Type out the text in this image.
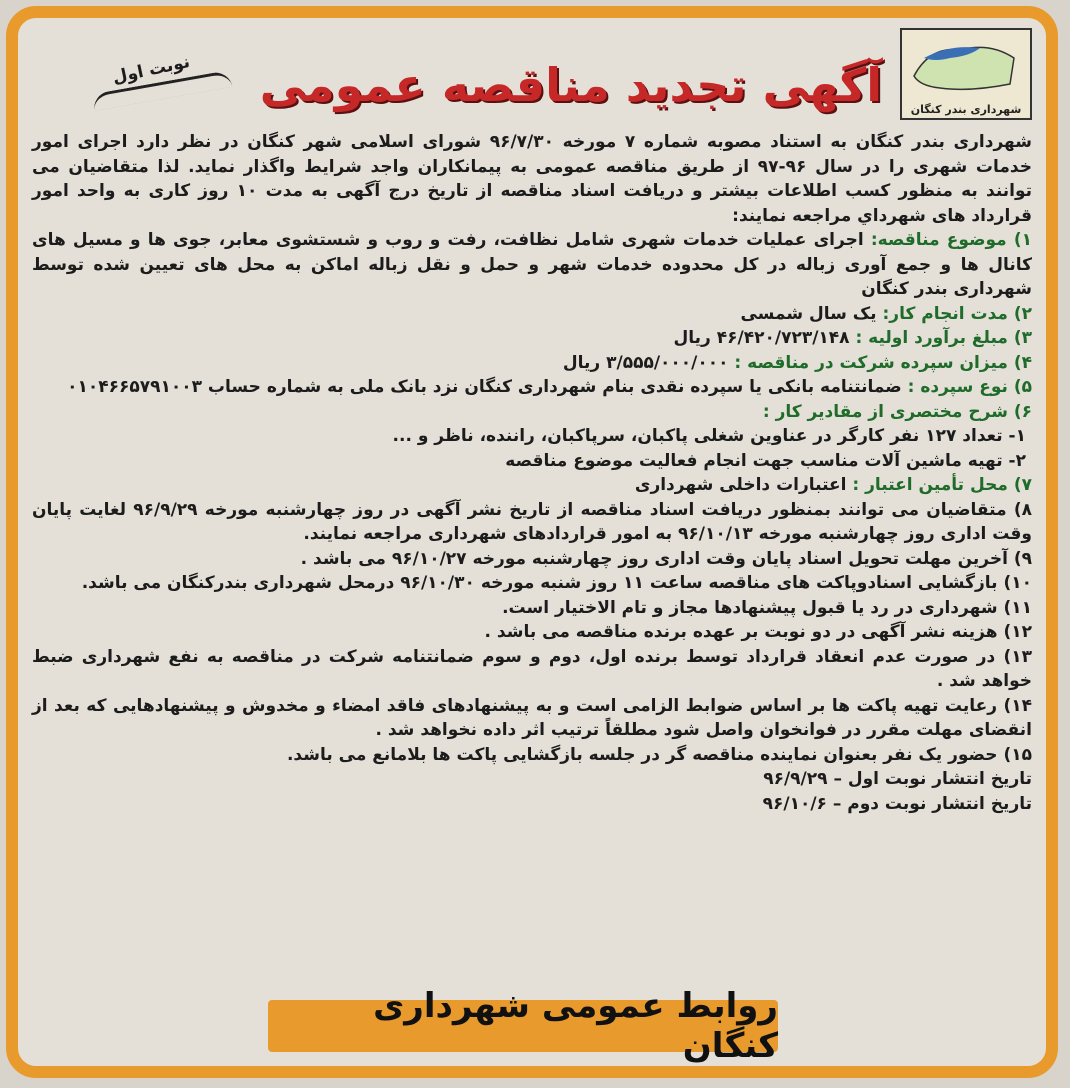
شهرداری بندر کنگان
آگهی تجدید مناقصه عمومی
نوبت اول

شهرداری بندر کنگان به استناد مصوبه شماره ۷ مورخه ۹۶/۷/۳۰ شورای اسلامی شهر کنگان در نظر دارد اجرای امور خدمات شهری را در سال ۹۶-۹۷ از طریق مناقصه عمومی به پیمانکاران واجد شرایط واگذار نماید. لذا متقاضیان می توانند به منظور کسب اطلاعات بیشتر و دریافت اسناد مناقصه از تاریخ درج آگهی به مدت ۱۰ روز کاری به واحد امور قرارداد های شهرداي مراجعه نمایند:

۱) موضوع مناقصه: اجرای عملیات خدمات شهری شامل نظافت، رفت و روب و شستشوی معابر، جوی ها و مسیل های کانال ها و جمع آوری زباله در کل محدوده خدمات شهر و حمل و نقل زباله اماکن به محل های تعیین شده توسط شهرداری بندر کنگان

۲) مدت انجام کار: یک سال شمسی

۳) مبلغ برآورد اولیه : ۴۶/۴۲۰/۷۲۳/۱۴۸ ریال

۴) میزان سپرده شرکت در مناقصه : ۳/۵۵۵/۰۰۰/۰۰۰ ریال

۵) نوع سپرده : ضمانتنامه بانکی یا سپرده نقدی بنام شهرداری کنگان نزد بانک ملی به شماره حساب ۰۱۰۴۶۶۵۷۹۱۰۰۳

۶) شرح مختصری از مقادیر کار :

۱- تعداد ۱۲۷ نفر کارگر در عناوین شغلی پاکبان، سرپاکبان، راننده، ناظر و ...

۲- تهیه ماشین آلات مناسب جهت انجام فعالیت موضوع مناقصه

۷) محل تأمین اعتبار : اعتبارات داخلی شهرداری

۸) متقاضیان می توانند بمنظور دریافت اسناد مناقصه از تاریخ نشر آگهی در روز چهارشنبه مورخه ۹۶/۹/۲۹ لغایت پایان وقت اداری روز چهارشنبه مورخه ۹۶/۱۰/۱۳ به امور قراردادهای شهرداری مراجعه نمایند.

۹) آخرین مهلت تحویل اسناد پایان وقت اداری روز چهارشنبه مورخه ۹۶/۱۰/۲۷ می باشد .

۱۰) بازگشایی اسنادوپاکت های مناقصه ساعت ۱۱ روز شنبه مورخه ۹۶/۱۰/۳۰ درمحل شهرداری بندرکنگان می باشد.

۱۱) شهرداری در رد یا قبول پیشنهادها مجاز و تام الاختیار است.

۱۲) هزینه نشر آگهی در دو نوبت بر عهده برنده مناقصه می باشد .

۱۳) در صورت عدم انعقاد قرارداد توسط برنده اول، دوم و سوم ضمانتنامه شرکت در مناقصه به نفع شهرداری ضبط خواهد شد .

۱۴) رعایت تهیه پاکت ها بر اساس ضوابط الزامی است و به پیشنهادهای فاقد امضاء و مخدوش و پیشنهادهایی که بعد از انقضای مهلت مقرر در فوانخوان واصل شود مطلقاً ترتیب اثر داده نخواهد شد .

۱۵) حضور یک نفر بعنوان نماینده مناقصه گر در جلسه بازگشایی پاکت ها بلامانع می باشد.

تاریخ انتشار نوبت اول – ۹۶/۹/۲۹

تاریخ انتشار نوبت دوم – ۹۶/۱۰/۶

روابط عمومی شهرداری کنگان
